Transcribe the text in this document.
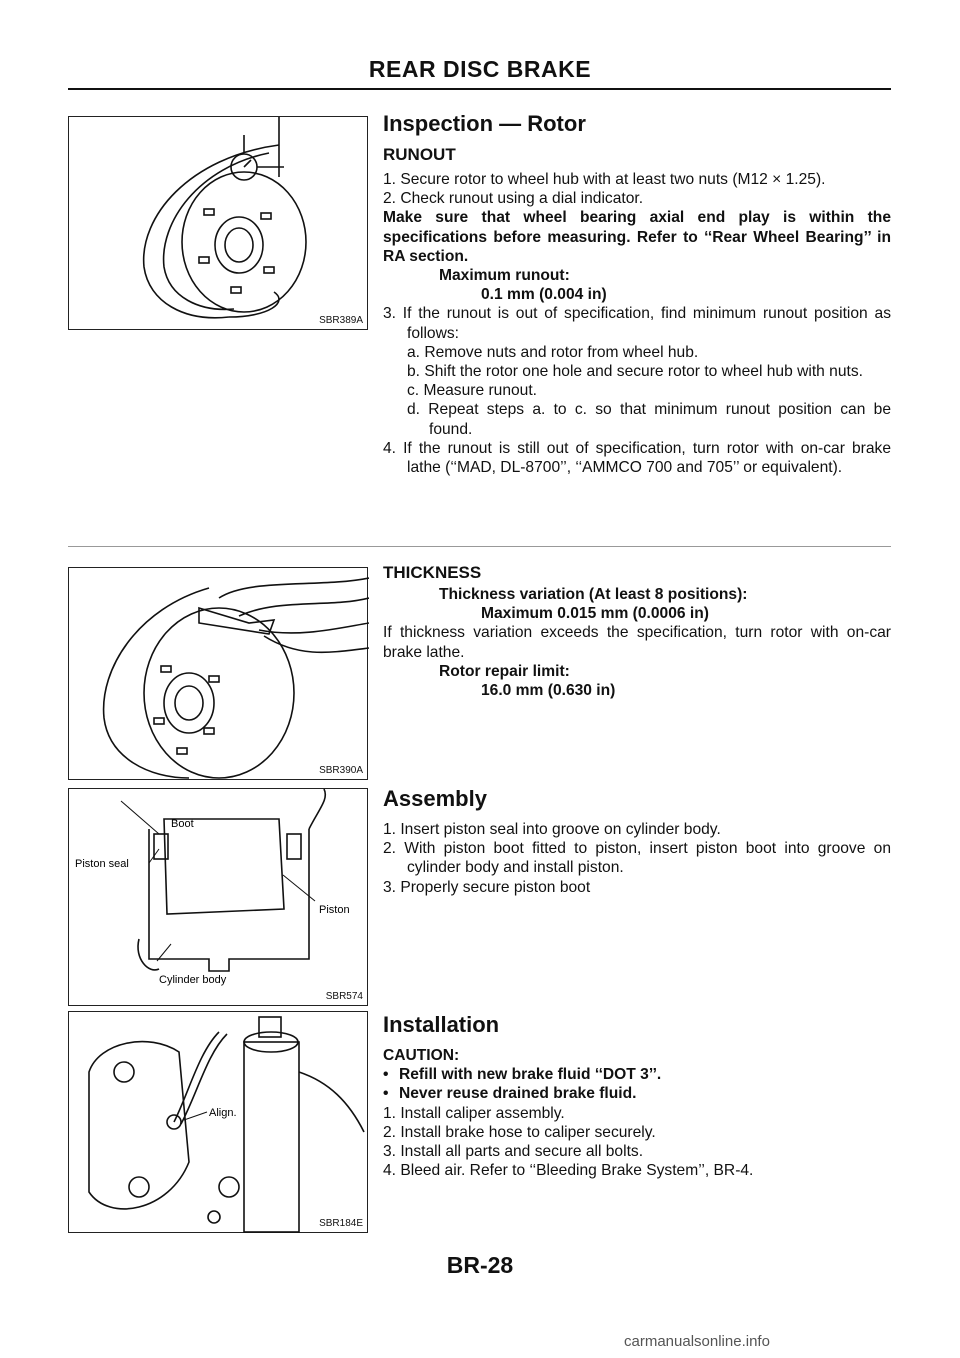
REAR DISC BRAKE
SBR389A
SBR390A
Boot
Piston seal
Piston
Cylinder body
SBR574
Align.
SBR184E
Inspection — Rotor
RUNOUT

1. Secure rotor to wheel hub with at least two nuts (M12 × 1.25).

2. Check runout using a dial indicator.

Make sure that wheel bearing axial end play is within the specifications before measuring. Refer to ‘‘Rear Wheel Bearing’’ in RA section.

Maximum runout:

0.1 mm (0.004 in)

3. If the runout is out of specification, find minimum runout position as follows:

a. Remove nuts and rotor from wheel hub.

b. Shift the rotor one hole and secure rotor to wheel hub with nuts.

c. Measure runout.

d. Repeat steps a. to c. so that minimum runout position can be found.

4. If the runout is still out of specification, turn rotor with on-car brake lathe (‘‘MAD, DL-8700’’, ‘‘AMMCO 700 and 705’’ or equivalent).

THICKNESS

Thickness variation (At least 8 positions):

Maximum 0.015 mm (0.0006 in)

If thickness variation exceeds the specification, turn rotor with on-car brake lathe.

Rotor repair limit:

16.0 mm (0.630 in)

Assembly

1. Insert piston seal into groove on cylinder body.

2. With piston boot fitted to piston, insert piston boot into groove on cylinder body and install piston.

3. Properly secure piston boot

Installation

CAUTION:

• Refill with new brake fluid ‘‘DOT 3’’.

• Never reuse drained brake fluid.

1. Install caliper assembly.

2. Install brake hose to caliper securely.

3. Install all parts and secure all bolts.

4. Bleed air. Refer to ‘‘Bleeding Brake System’’, BR-4.

BR-28
carmanualsonline.info
